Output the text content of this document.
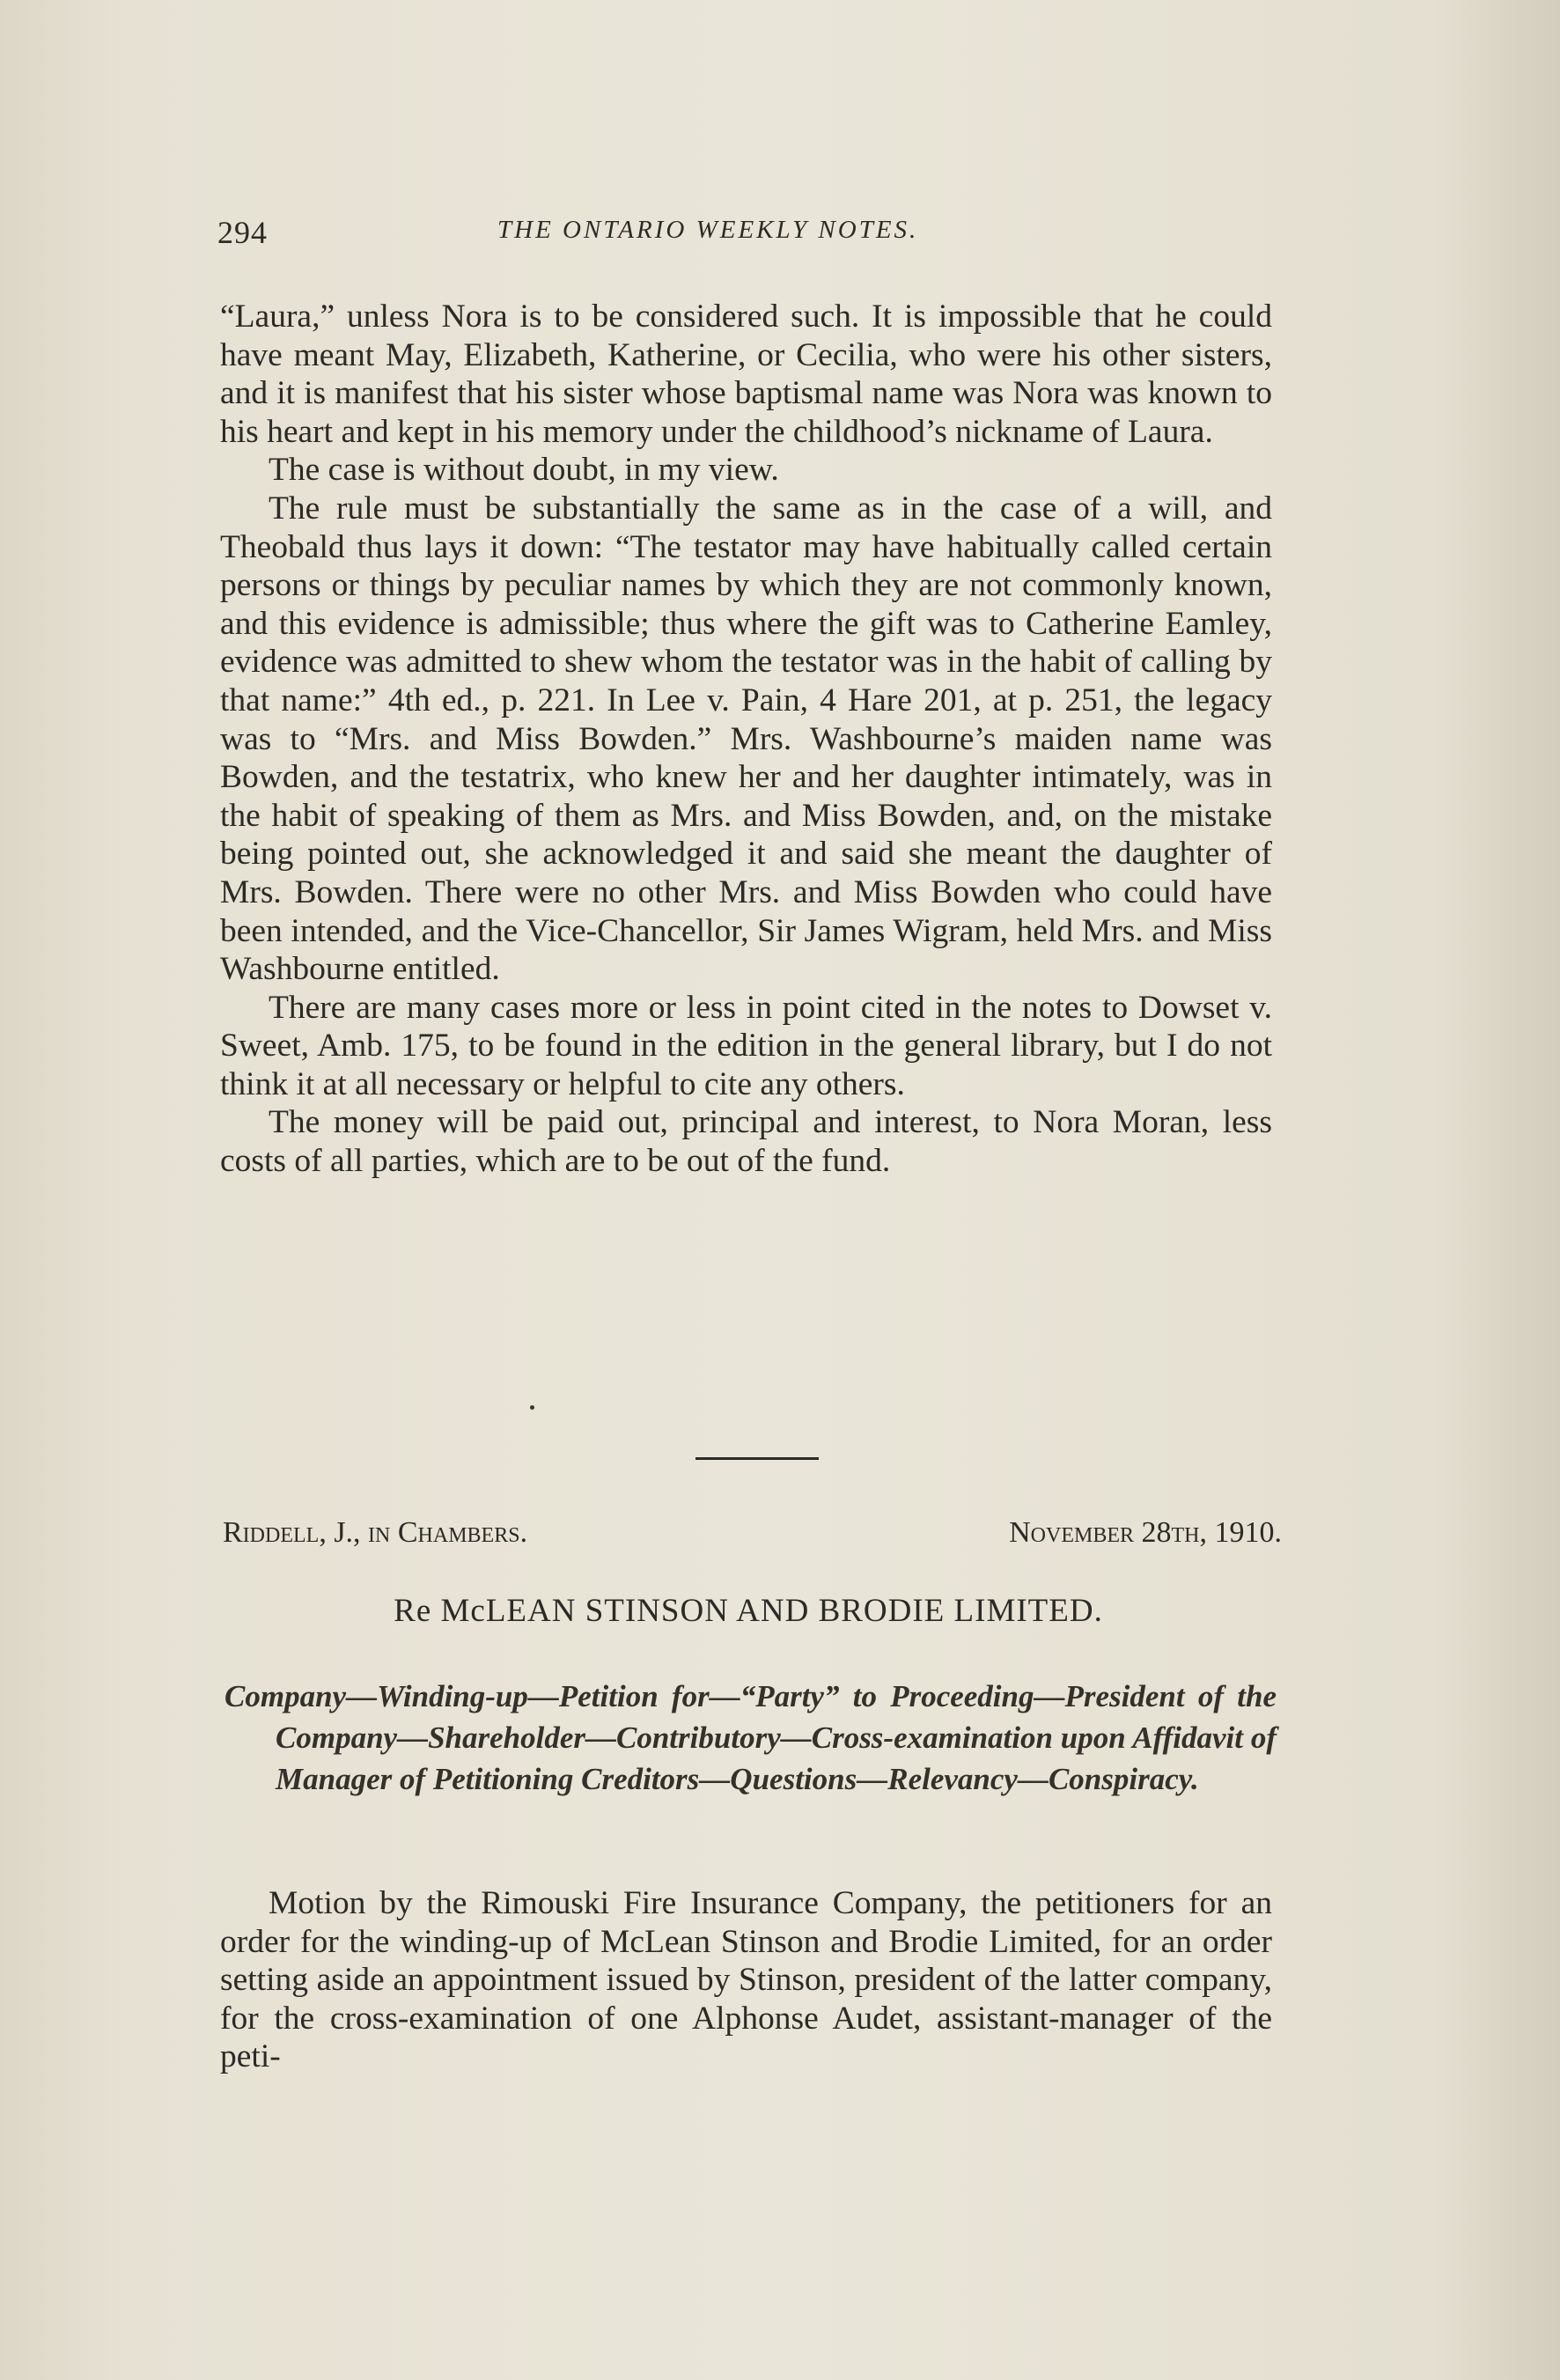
294	THE ONTARIO WEEKLY NOTES.

“Laura,” unless Nora is to be considered such. It is impossible that he could have meant May, Elizabeth, Katherine, or Cecilia, who were his other sisters, and it is manifest that his sister whose baptismal name was Nora was known to his heart and kept in his memory under the childhood’s nickname of Laura.

The case is without doubt, in my view.

The rule must be substantially the same as in the case of a will, and Theobald thus lays it down: “The testator may have habitually called certain persons or things by peculiar names by which they are not commonly known, and this evidence is admissible; thus where the gift was to Catherine Eamley, evidence was admitted to shew whom the testator was in the habit of calling by that name:” 4th ed., p. 221. In Lee v. Pain, 4 Hare 201, at p. 251, the legacy was to “Mrs. and Miss Bowden.” Mrs. Washbourne’s maiden name was Bowden, and the testatrix, who knew her and her daughter intimately, was in the habit of speaking of them as Mrs. and Miss Bowden, and, on the mistake being pointed out, she acknowledged it and said she meant the daughter of Mrs. Bowden. There were no other Mrs. and Miss Bowden who could have been intended, and the Vice-Chancellor, Sir James Wigram, held Mrs. and Miss Washbourne entitled.

There are many cases more or less in point cited in the notes to Dowset v. Sweet, Amb. 175, to be found in the edition in the general library, but I do not think it at all necessary or helpful to cite any others.

The money will be paid out, principal and interest, to Nora Moran, less costs of all parties, which are to be out of the fund.

Riddell, J., in Chambers.	November 28th, 1910.
Re McLEAN STINSON AND BRODIE LIMITED.
Company—Winding-up—Petition for—“Party” to Proceeding—President of the Company—Shareholder—Contributory—Cross-examination upon Affidavit of Manager of Petitioning Creditors—Questions—Relevancy—Conspiracy.

Motion by the Rimouski Fire Insurance Company, the petitioners for an order for the winding-up of McLean Stinson and Brodie Limited, for an order setting aside an appointment issued by Stinson, president of the latter company, for the cross-examination of one Alphonse Audet, assistant-manager of the peti-
